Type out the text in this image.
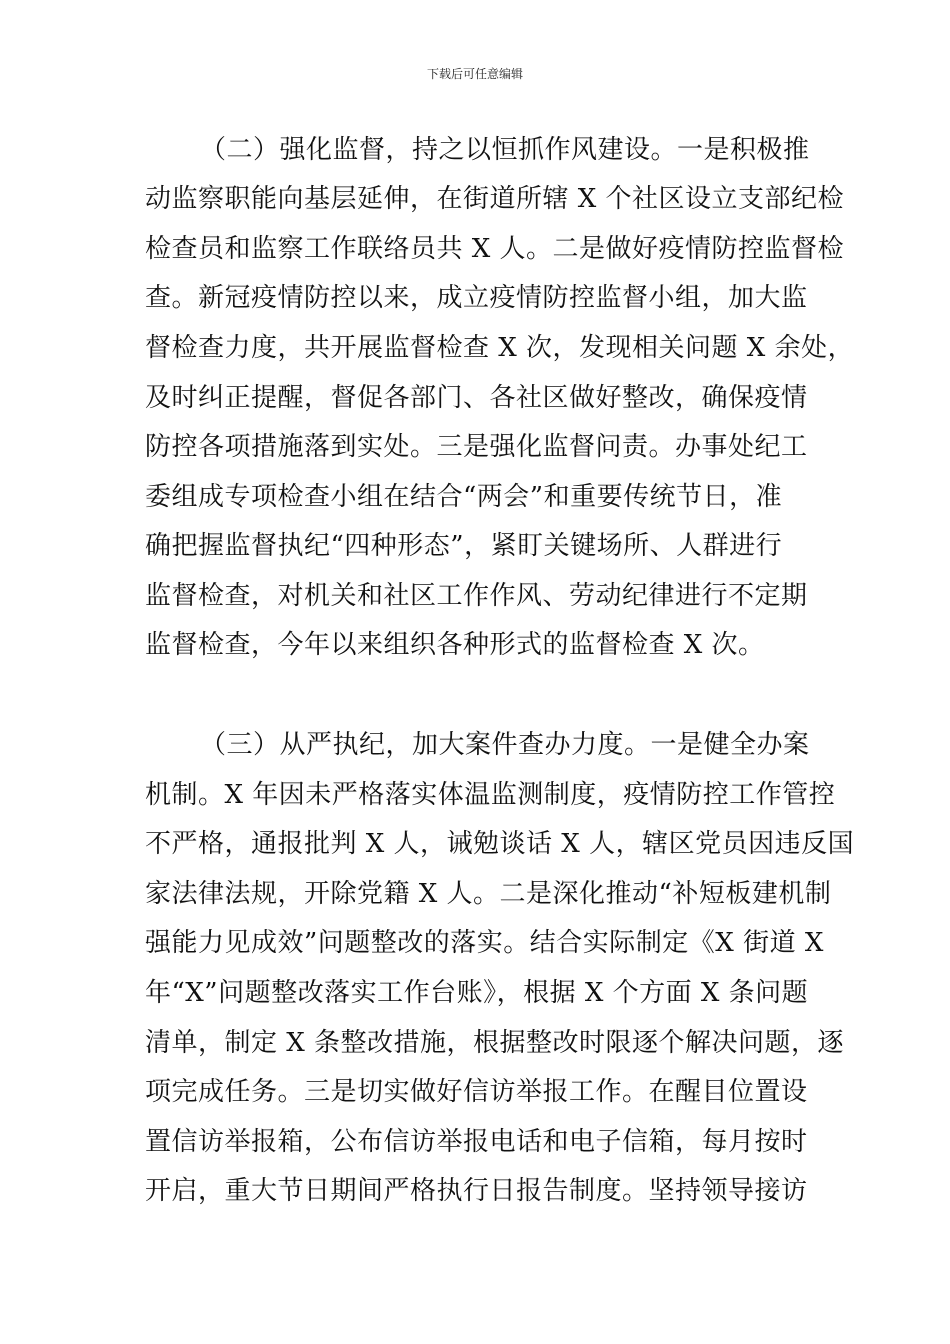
下载后可任意编辑
（二）强化监督，持之以恒抓作风建设。一是积极推
动监察职能向基层延伸，在街道所辖 X 个社区设立支部纪检
检查员和监察工作联络员共 X 人。二是做好疫情防控监督检
查。新冠疫情防控以来，成立疫情防控监督小组，加大监
督检查力度，共开展监督检查 X 次，发现相关问题 X 余处，
及时纠正提醒，督促各部门、各社区做好整改，确保疫情
防控各项措施落到实处。三是强化监督问责。办事处纪工
委组成专项检查小组在结合“两会”和重要传统节日，准
确把握监督执纪“四种形态”，紧盯关键场所、人群进行
监督检查，对机关和社区工作作风、劳动纪律进行不定期
监督检查，今年以来组织各种形式的监督检查 X 次。
（三）从严执纪，加大案件查办力度。一是健全办案
机制。X 年因未严格落实体温监测制度，疫情防控工作管控
不严格，通报批判 X 人，诫勉谈话 X 人，辖区党员因违反国
家法律法规，开除党籍 X 人。二是深化推动“补短板建机制
强能力见成效”问题整改的落实。结合实际制定《X 街道 X
年“X”问题整改落实工作台账》，根据 X 个方面 X 条问题
清单，制定 X 条整改措施，根据整改时限逐个解决问题，逐
项完成任务。三是切实做好信访举报工作。在醒目位置设
置信访举报箱，公布信访举报电话和电子信箱，每月按时
开启，重大节日期间严格执行日报告制度。坚持领导接访
